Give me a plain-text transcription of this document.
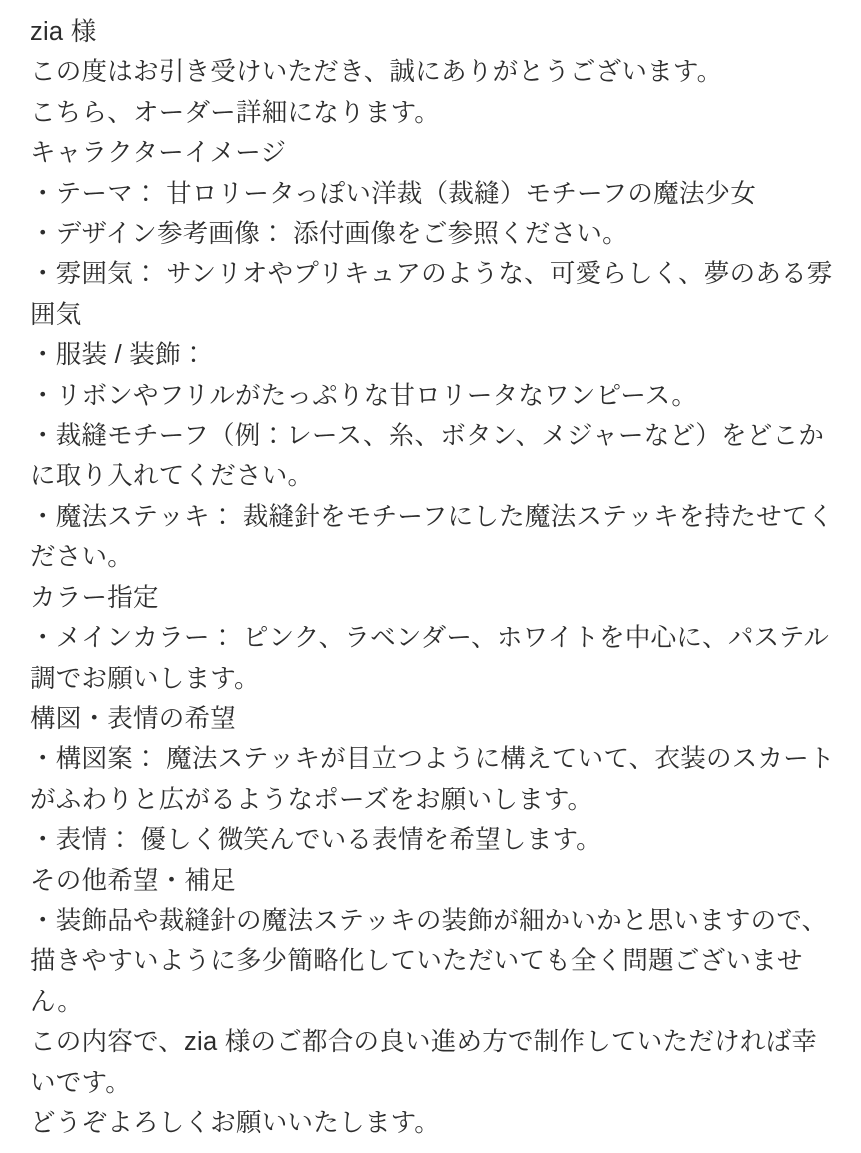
zia 様
この度はお引き受けいただき、誠にありがとうございます。
こちら、オーダー詳細になります。
キャラクターイメージ
・テーマ： 甘ロリータっぽい洋裁（裁縫）モチーフの魔法少女
・デザイン参考画像： 添付画像をご参照ください。
・雰囲気： サンリオやプリキュアのような、可愛らしく、夢のある雰囲気
・服装 / 装飾：
・リボンやフリルがたっぷりな甘ロリータなワンピース。
・裁縫モチーフ（例：レース、糸、ボタン、メジャーなど）をどこかに取り入れてください。
・魔法ステッキ： 裁縫針をモチーフにした魔法ステッキを持たせてください。
カラー指定
・メインカラー： ピンク、ラベンダー、ホワイトを中心に、パステル調でお願いします。
構図・表情の希望
・構図案： 魔法ステッキが目立つように構えていて、衣装のスカートがふわりと広がるようなポーズをお願いします。
・表情： 優しく微笑んでいる表情を希望します。
その他希望・補足
・装飾品や裁縫針の魔法ステッキの装飾が細かいかと思いますので、描きやすいように多少簡略化していただいても全く問題ございません。
この内容で、zia 様のご都合の良い進め方で制作していただければ幸いです。
どうぞよろしくお願いいたします。
